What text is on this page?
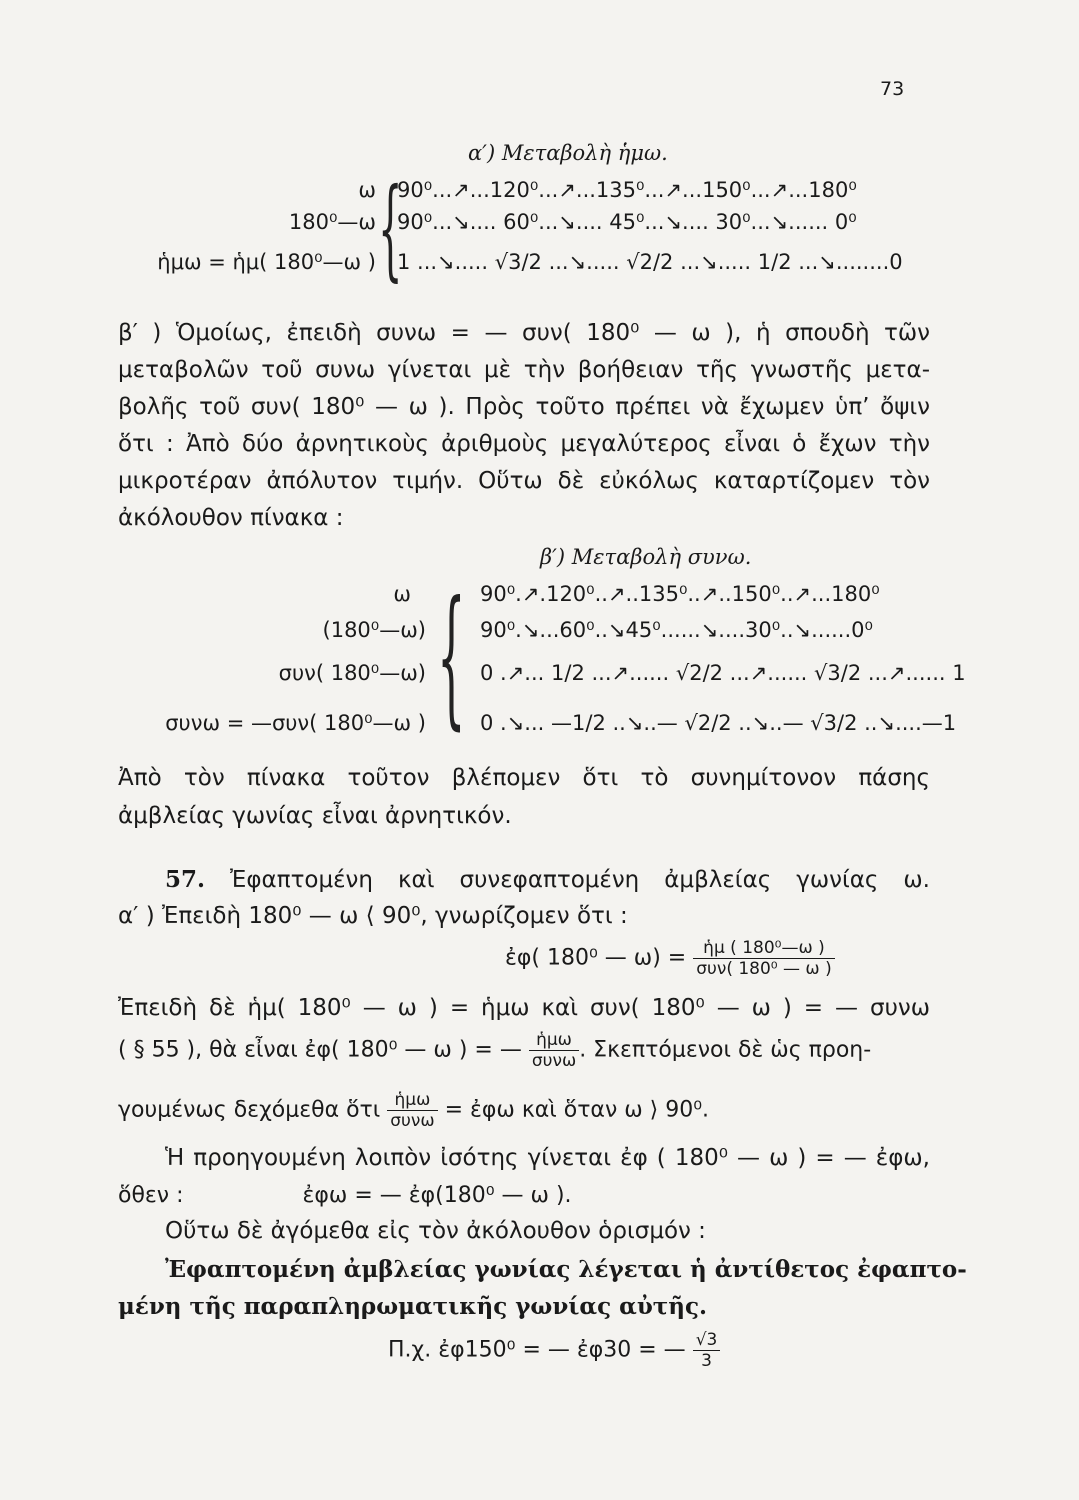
73
α′) Μεταβολὴ ἡμω.
ω
180⁰—ω
ἡμω = ἡμ( 180⁰—ω ) {
90⁰...↗...120⁰...↗...135⁰...↗...150⁰...↗...180⁰
90⁰...↘.... 60⁰...↘.... 45⁰...↘.... 30⁰...↘...... 0⁰
1 ...↘..... √3/2 ...↘..... √2/2 ...↘..... 1/2 ...↘........0
β′ ) Ὁμοίως, ἐπειδὴ συνω = — συν( 180⁰ — ω ), ἡ σπουδὴ τῶν
μεταβολῶν τοῦ συνω γίνεται μὲ τὴν βοήθειαν τῆς γνωστῆς μετα-
βολῆς τοῦ συν( 180⁰ — ω ). Πρὸς τοῦτο πρέπει νὰ ἔχωμεν ὑπ’ ὄψιν
ὅτι : Ἀπὸ δύο ἀρνητικοὺς ἀριθμοὺς μεγαλύτερος εἶναι ὁ ἔχων τὴν
μικροτέραν ἀπόλυτον τιμήν. Οὕτω δὲ εὐκόλως καταρτίζομεν τὸν
ἀκόλουθον πίνακα :
β′) Μεταβολὴ συνω.
ω
(180⁰—ω)
συν( 180⁰—ω)
συνω = —συν( 180⁰—ω ) { 90⁰.↗.120⁰..↗..135⁰..↗..150⁰..↗...180⁰
90⁰.↘...60⁰..↘45⁰......↘....30⁰..↘......0⁰
0 .↗... 1/2 ...↗...... √2/2 ...↗...... √3/2 ...↗...... 1
0 .↘... —1/2 ..↘..— √2/2 ..↘..— √3/2 ..↘....—1
Ἀπὸ τὸν πίνακα τοῦτον βλέπομεν ὅτι τὸ συνημίτονον πάσης
ἀμβλείας γωνίας εἶναι ἀρνητικόν.
57. Ἐφαπτομένη καὶ συνεφαπτομένη ἀμβλείας γωνίας ω.
α′ ) Ἐπειδὴ 180⁰ — ω ⟨ 90⁰, γνωρίζομεν ὅτι :
ἐφ( 180⁰ — $\omega) = \frac{\text{ἡμ ( 180⁰—ω )}}{\text{συν( 180⁰ — ω )}}$
Ἐπειδὴ δὲ ἡμ( 180⁰ — ω ) = ἡμω καὶ συν( 180⁰ — ω ) = — συνω
( § 55 ), θὰ εἶναι ἐφ( 180⁰ — ω ) = — $\frac{\text{ἡμω}}{\text{συνω}}$ . Σκεπτόμενοι δὲ ὡς προη-
γουμένως δεχόμεθα ὅτι $\frac{\text{ἡμω}}{\text{συνω}}$ = ἐφω καὶ ὅταν ω ⟩ 90⁰.
Ἡ προηγουμένη λοιπὸν ἰσότης γίνεται ἐφ ( 180⁰ — ω ) = — ἐφω,
ὅθεν :	ἐφω = — ἐφ(180⁰ — ω ).
Οὕτω δὲ ἀγόμεθα εἰς τὸν ἀκόλουθον ὁρισμόν :
Ἐφαπτομένη ἀμβλείας γωνίας λέγεται ἡ ἀντίθετος ἐφαπτο-
μένη τῆς παραπληρωματικῆς γωνίας αὐτῆς.
Π.χ. ἐφ150⁰ = — ἐφ30 = — $\frac{√3}{3}$
